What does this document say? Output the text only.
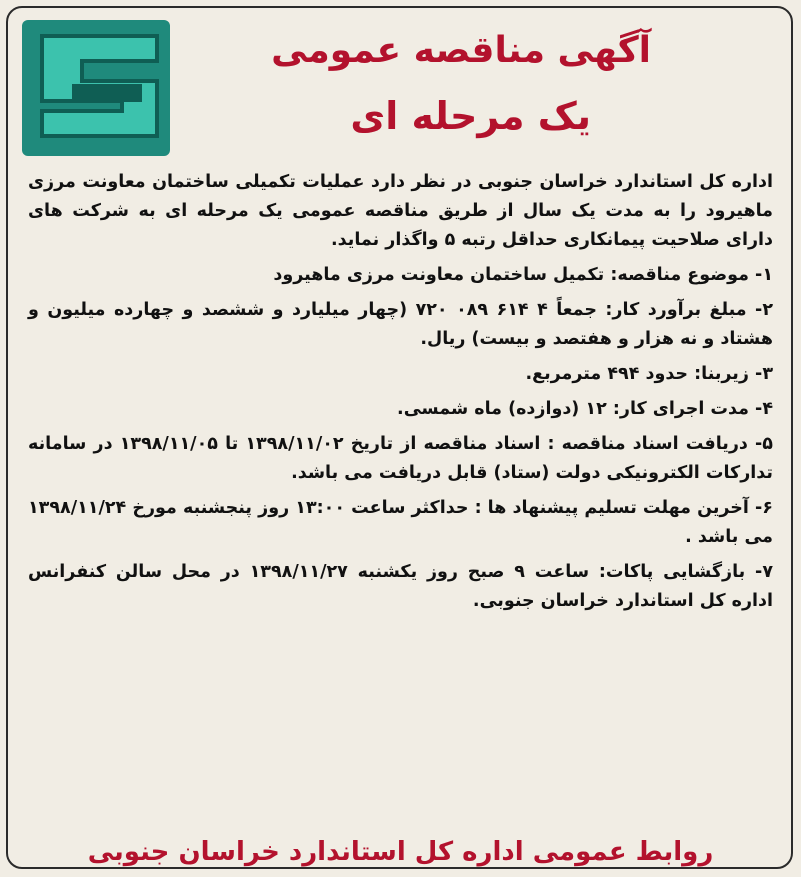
آگهی مناقصه عمومی
یک مرحله ای

اداره کل استاندارد خراسان جنوبی در نظر دارد عملیات تکمیلی ساختمان معاونت مرزی ماهیرود را به مدت یک سال از طریق مناقصه عمومی یک مرحله ای به شرکت های دارای صلاحیت پیمانکاری حداقل رتبه ۵ واگذار نماید.

۱- موضوع مناقصه: تکمیل ساختمان معاونت مرزی ماهیرود
۲- مبلغ برآورد کار: جمعاً ۴ ۶۱۴ ۰۸۹ ۷۲۰ (چهار میلیارد و ششصد و چهارده میلیون و هشتاد و نه هزار و هفتصد و بیست) ریال.
۳- زیربنا: حدود ۴۹۴ مترمربع.
۴- مدت اجرای کار: ۱۲ (دوازده) ماه شمسی.
۵- دریافت اسناد مناقصه : اسناد مناقصه از تاریخ ۱۳۹۸/۱۱/۰۲ تا ۱۳۹۸/۱۱/۰۵ در سامانه تدارکات الکترونیکی دولت (ستاد) قابل دریافت می باشد.
۶- آخرین مهلت تسلیم پیشنهاد ها : حداکثر ساعت ۱۳:۰۰ روز پنجشنبه مورخ ۱۳۹۸/۱۱/۲۴ می باشد .
۷- بازگشایی پاکات: ساعت ۹ صبح روز یکشنبه ۱۳۹۸/۱۱/۲۷ در محل سالن کنفرانس اداره کل استاندارد خراسان جنوبی.
روابط عمومی اداره کل استاندارد خراسان جنوبی
